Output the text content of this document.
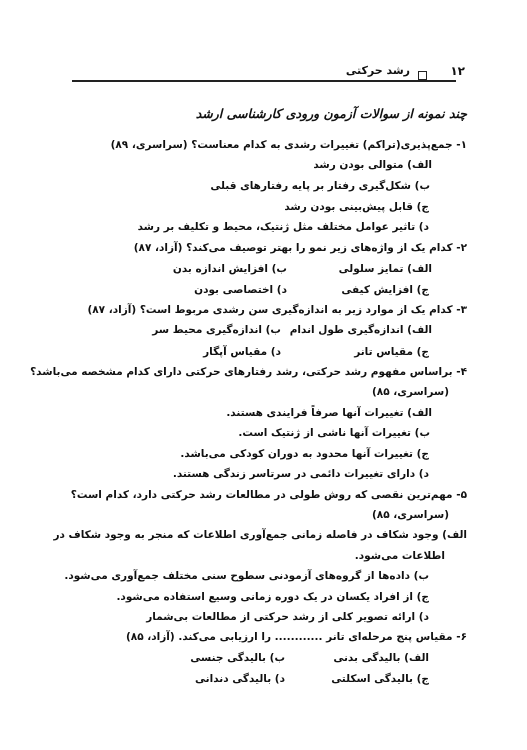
۱۲
رشد حرکتی
چند نمونه از سوالات آزمون ورودی کارشناسی ارشد
۱- جمع‌پذیری(تراکم) تغییرات رشدی به کدام معناست؟ (سراسری، ۸۹)
الف) متوالی بودن رشد
ب) شکل‌گیری رفتار بر پایه رفتارهای قبلی
ج) قابل پیش‌بینی بودن رشد
د) تاثیر عوامل مختلف مثل ژنتیک، محیط و تکلیف بر رشد
۲- کدام یک از واژه‌های زیر نمو را بهتر توصیف می‌کند؟ (آزاد، ۸۷)
الف) تمایز سلولی
ب) افزایش اندازه بدن
ج) افزایش کیفی
د) اختصاصی بودن
۳- کدام یک از موارد زیر به اندازه‌گیری سن رشدی مربوط است؟ (آزاد، ۸۷)
الف) اندازه‌گیری طول اندام
ب) اندازه‌گیری محیط سر
ج) مقیاس تانر
د) مقیاس آپگار
۴- براساس مفهوم رشد حرکتی، رشد رفتارهای حرکتی دارای کدام مشخصه می‌باشد؟
(سراسری، ۸۵)
الف) تغییرات آنها صرفاً فرایندی هستند.
ب) تغییرات آنها ناشی از ژنتیک است.
ج) تغییرات آنها محدود به دوران کودکی می‌باشد.
د) دارای تغییرات دائمی در سرتاسر زندگی هستند.
۵- مهم‌ترین نقصی که روش طولی در مطالعات رشد حرکتی دارد، کدام است؟
(سراسری، ۸۵)
الف) وجود شکاف در فاصله زمانی جمع‌آوری اطلاعات که منجر به وجود شکاف در
اطلاعات می‌شود.
ب) داده‌ها از گروه‌های آزمودنی سطوح سنی مختلف جمع‌آوری می‌شود.
ج) از افراد یکسان در یک دوره زمانی وسیع استفاده می‌شود.
د) ارائه تصویر کلی از رشد حرکتی از مطالعات بی‌شمار
۶- مقیاس پنج مرحله‌ای تانر ............ را ارزیابی می‌کند. (آزاد، ۸۵)
الف) بالیدگی بدنی
ب) بالیدگی جنسی
ج) بالیدگی اسکلتی
د) بالیدگی دندانی
